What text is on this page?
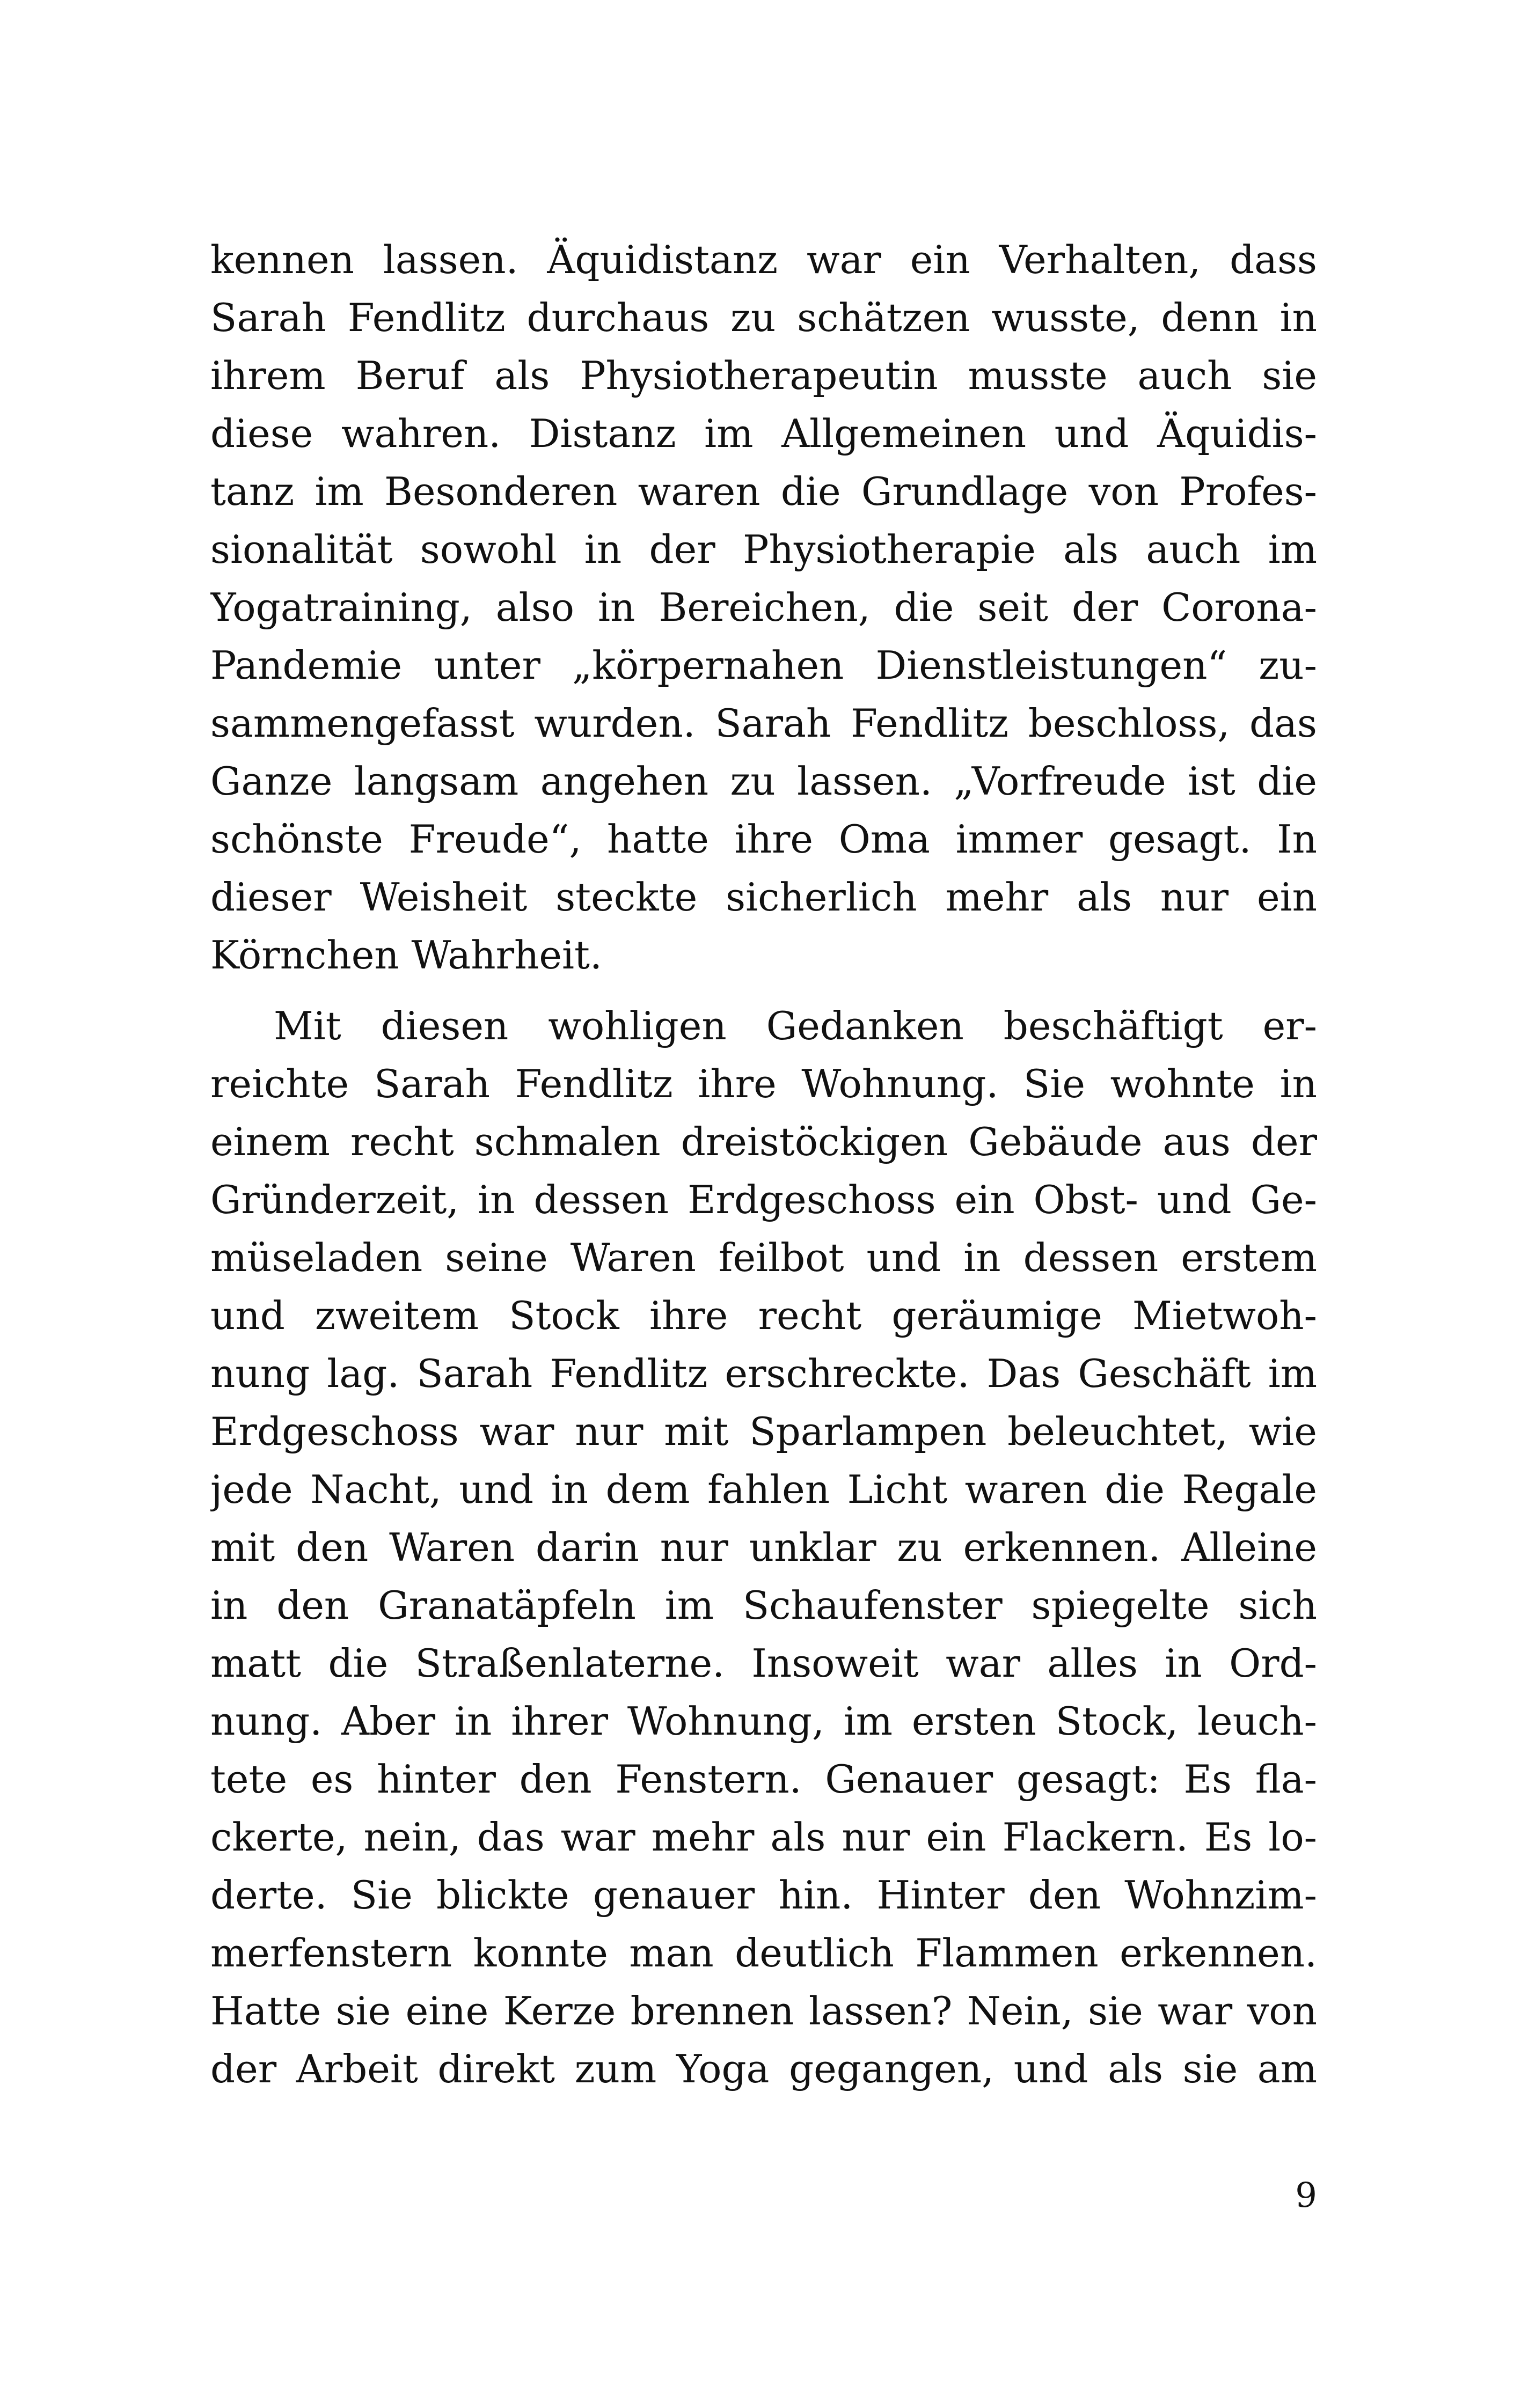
kennen lassen. Äquidistanz war ein Verhalten, dass
Sarah Fendlitz durchaus zu schätzen wusste, denn in
ihrem Beruf als Physiotherapeutin musste auch sie
diese wahren. Distanz im Allgemeinen und Äquidis-
tanz im Besonderen waren die Grundlage von Profes-
sionalität sowohl in der Physiotherapie als auch im
Yogatraining, also in Bereichen, die seit der Corona-
Pandemie unter „körpernahen Dienstleistungen“ zu-
sammengefasst wurden. Sarah Fendlitz beschloss, das
Ganze langsam angehen zu lassen. „Vorfreude ist die
schönste Freude“, hatte ihre Oma immer gesagt. In
dieser Weisheit steckte sicherlich mehr als nur ein
Körnchen Wahrheit.
Mit diesen wohligen Gedanken beschäftigt er-
reichte Sarah Fendlitz ihre Wohnung. Sie wohnte in
einem recht schmalen dreistöckigen Gebäude aus der
Gründerzeit, in dessen Erdgeschoss ein Obst- und Ge-
müseladen seine Waren feilbot und in dessen erstem
und zweitem Stock ihre recht geräumige Mietwoh-
nung lag. Sarah Fendlitz erschreckte. Das Geschäft im
Erdgeschoss war nur mit Sparlampen beleuchtet, wie
jede Nacht, und in dem fahlen Licht waren die Regale
mit den Waren darin nur unklar zu erkennen. Alleine
in den Granatäpfeln im Schaufenster spiegelte sich
matt die Straßenlaterne. Insoweit war alles in Ord-
nung. Aber in ihrer Wohnung, im ersten Stock, leuch-
tete es hinter den Fenstern. Genauer gesagt: Es fla-
ckerte, nein, das war mehr als nur ein Flackern. Es lo-
derte. Sie blickte genauer hin. Hinter den Wohnzim-
merfenstern konnte man deutlich Flammen erkennen.
Hatte sie eine Kerze brennen lassen? Nein, sie war von
der Arbeit direkt zum Yoga gegangen, und als sie am
9
